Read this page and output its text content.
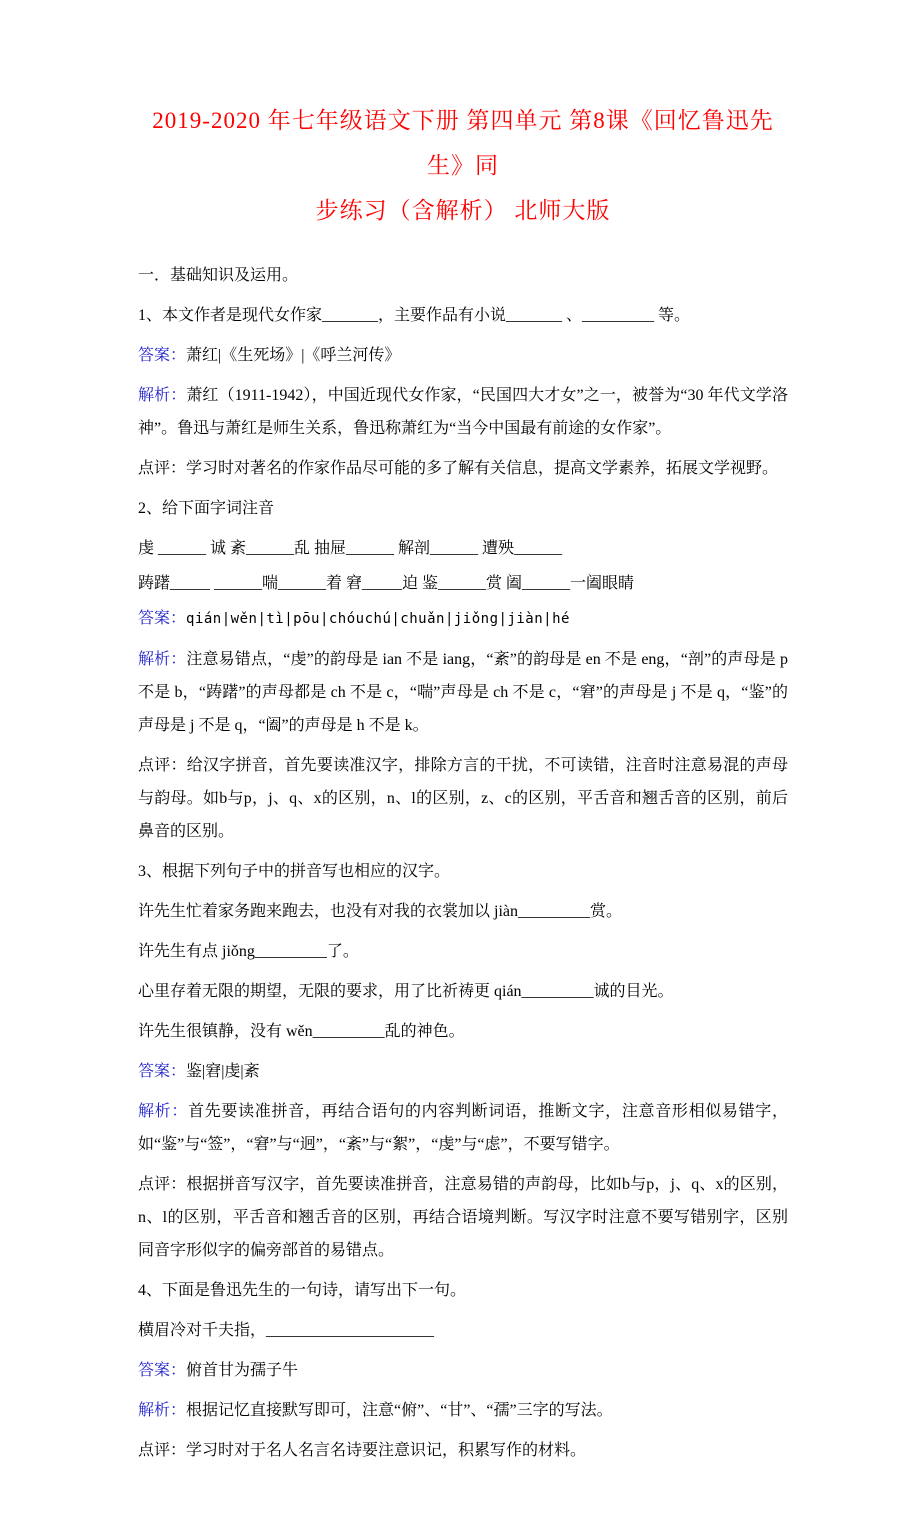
2019-2020 年七年级语文下册 第四单元 第8课《回忆鲁迅先生》同
步练习（含解析） 北师大版

一．基础知识及运用。

1、本文作者是现代女作家_______，主要作品有小说_______ 、_________ 等。

答案：萧红|《生死场》|《呼兰河传》

解析：萧红（1911-1942），中国近现代女作家，“民国四大才女”之一，被誉为“30 年代文学洛神”。鲁迅与萧红是师生关系，鲁迅称萧红为“当今中国最有前途的女作家”。

点评：学习时对著名的作家作品尽可能的多了解有关信息，提高文学素养，拓展文学视野。

2、给下面字词注音

虔 ______ 诚 紊______乱 抽屉______ 解剖______ 遭殃______

踌躇_____ ______喘______着 窘_____迫 鉴______赏 阖______一阖眼睛

答案：qián|wěn|tì|pōu|chóuchú|chuǎn|jiǒng|jiàn|hé

解析：注意易错点，“虔”的韵母是 ian 不是 iang，“紊”的韵母是 en 不是 eng，“剖”的声母是 p 不是 b，“踌躇”的声母都是 ch 不是 c，“喘”声母是 ch 不是 c，“窘”的声母是 j 不是 q，“鉴”的声母是 j 不是 q，“阖”的声母是 h 不是 k。

点评：给汉字拼音，首先要读准汉字，排除方言的干扰，不可读错，注音时注意易混的声母与韵母。如b与p，j、q、x的区别，n、l的区别，z、c的区别，平舌音和翘舌音的区别，前后鼻音的区别。

3、根据下列句子中的拼音写也相应的汉字。

许先生忙着家务跑来跑去，也没有对我的衣裳加以 jiàn_________赏。

许先生有点 jiǒng_________了。

心里存着无限的期望，无限的要求，用了比祈祷更 qián_________诚的目光。

许先生很镇静，没有 wěn_________乱的神色。

答案：鉴|窘|虔|紊

解析：首先要读准拼音，再结合语句的内容判断词语，推断文字，注意音形相似易错字，如“鉴”与“签”，“窘”与“迥”，“紊”与“絮”，“虔”与“虑”，不要写错字。

点评：根据拼音写汉字，首先要读准拼音，注意易错的声韵母，比如b与p，j、q、x的区别，n、l的区别，平舌音和翘舌音的区别，再结合语境判断。写汉字时注意不要写错别字，区别同音字形似字的偏旁部首的易错点。

4、下面是鲁迅先生的一句诗，请写出下一句。

横眉冷对千夫指，_____________________

答案：俯首甘为孺子牛

解析：根据记忆直接默写即可，注意“俯”、“甘”、“孺”三字的写法。

点评：学习时对于名人名言名诗要注意识记，积累写作的材料。
